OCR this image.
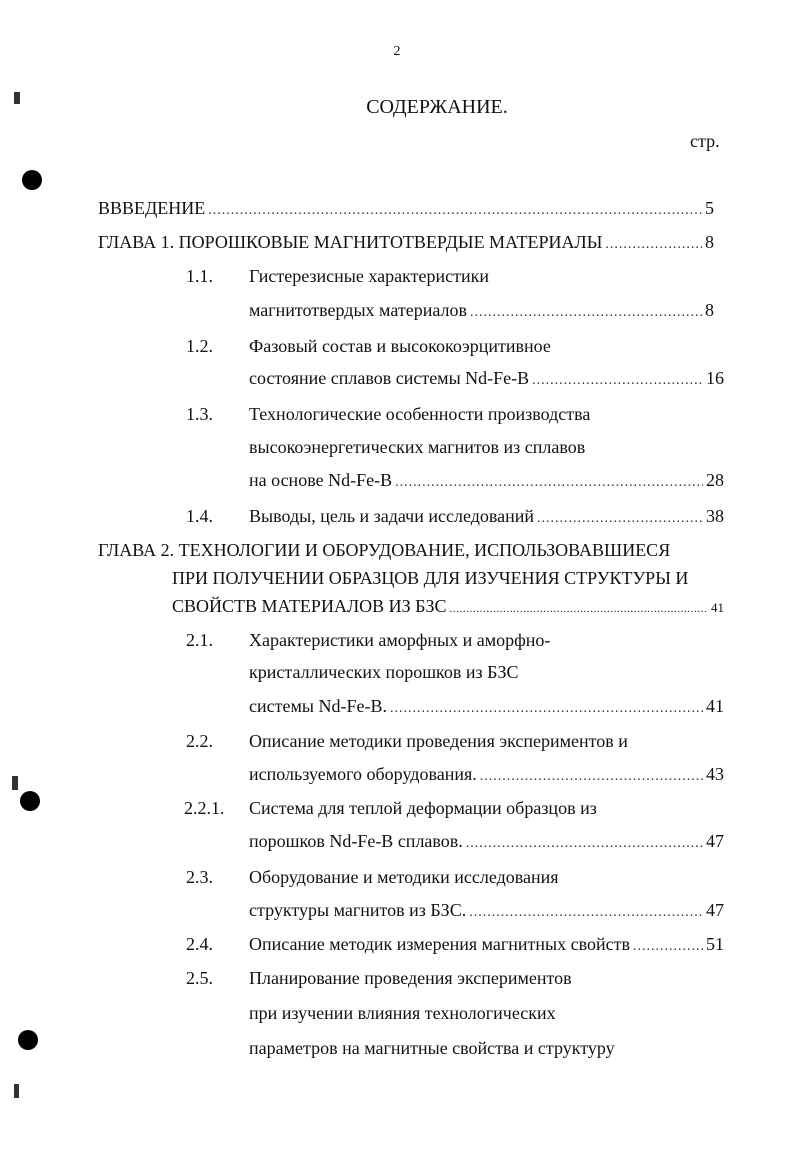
2
СОДЕРЖАНИЕ.
стр.
ВВВЕДЕНИЕ .....	5
ГЛАВА 1. ПОРОШКОВЫЕ МАГНИТОТВЕРДЫЕ МАТЕРИАЛЫ .....	8
1.1. Гистерезисные характеристики
магнитотвердых материалов .....	8
1.2. Фазовый состав и высококоэрцитивное
состояние сплавов системы Nd-Fe-B .....	16
1.3. Технологические особенности производства
высокоэнергетических магнитов из сплавов
на основе Nd-Fe-B .....	28
1.4. Выводы, цель и задачи исследований .....	38
ГЛАВА 2. ТЕХНОЛОГИИ И ОБОРУДОВАНИЕ, ИСПОЛЬЗОВАВШИЕСЯ
ПРИ ПОЛУЧЕНИИ ОБРАЗЦОВ ДЛЯ ИЗУЧЕНИЯ СТРУКТУРЫ И
СВОЙСТВ МАТЕРИАЛОВ ИЗ БЗС .....	41
2.1. Характеристики аморфных и аморфно-
кристаллических порошков из БЗС
системы Nd-Fe-B. .....	41
2.2. Описание методики проведения экспериментов и
используемого оборудования. .....	43
2.2.1. Система для теплой деформации образцов из
порошков Nd-Fe-B сплавов. .....	47
2.3. Оборудование и методики исследования
структуры магнитов из БЗС. .....	47
2.4. Описание методик измерения магнитных свойств .....	51
2.5. Планирование проведения экспериментов
при изучении влияния технологических
параметров на магнитные свойства и структуру
